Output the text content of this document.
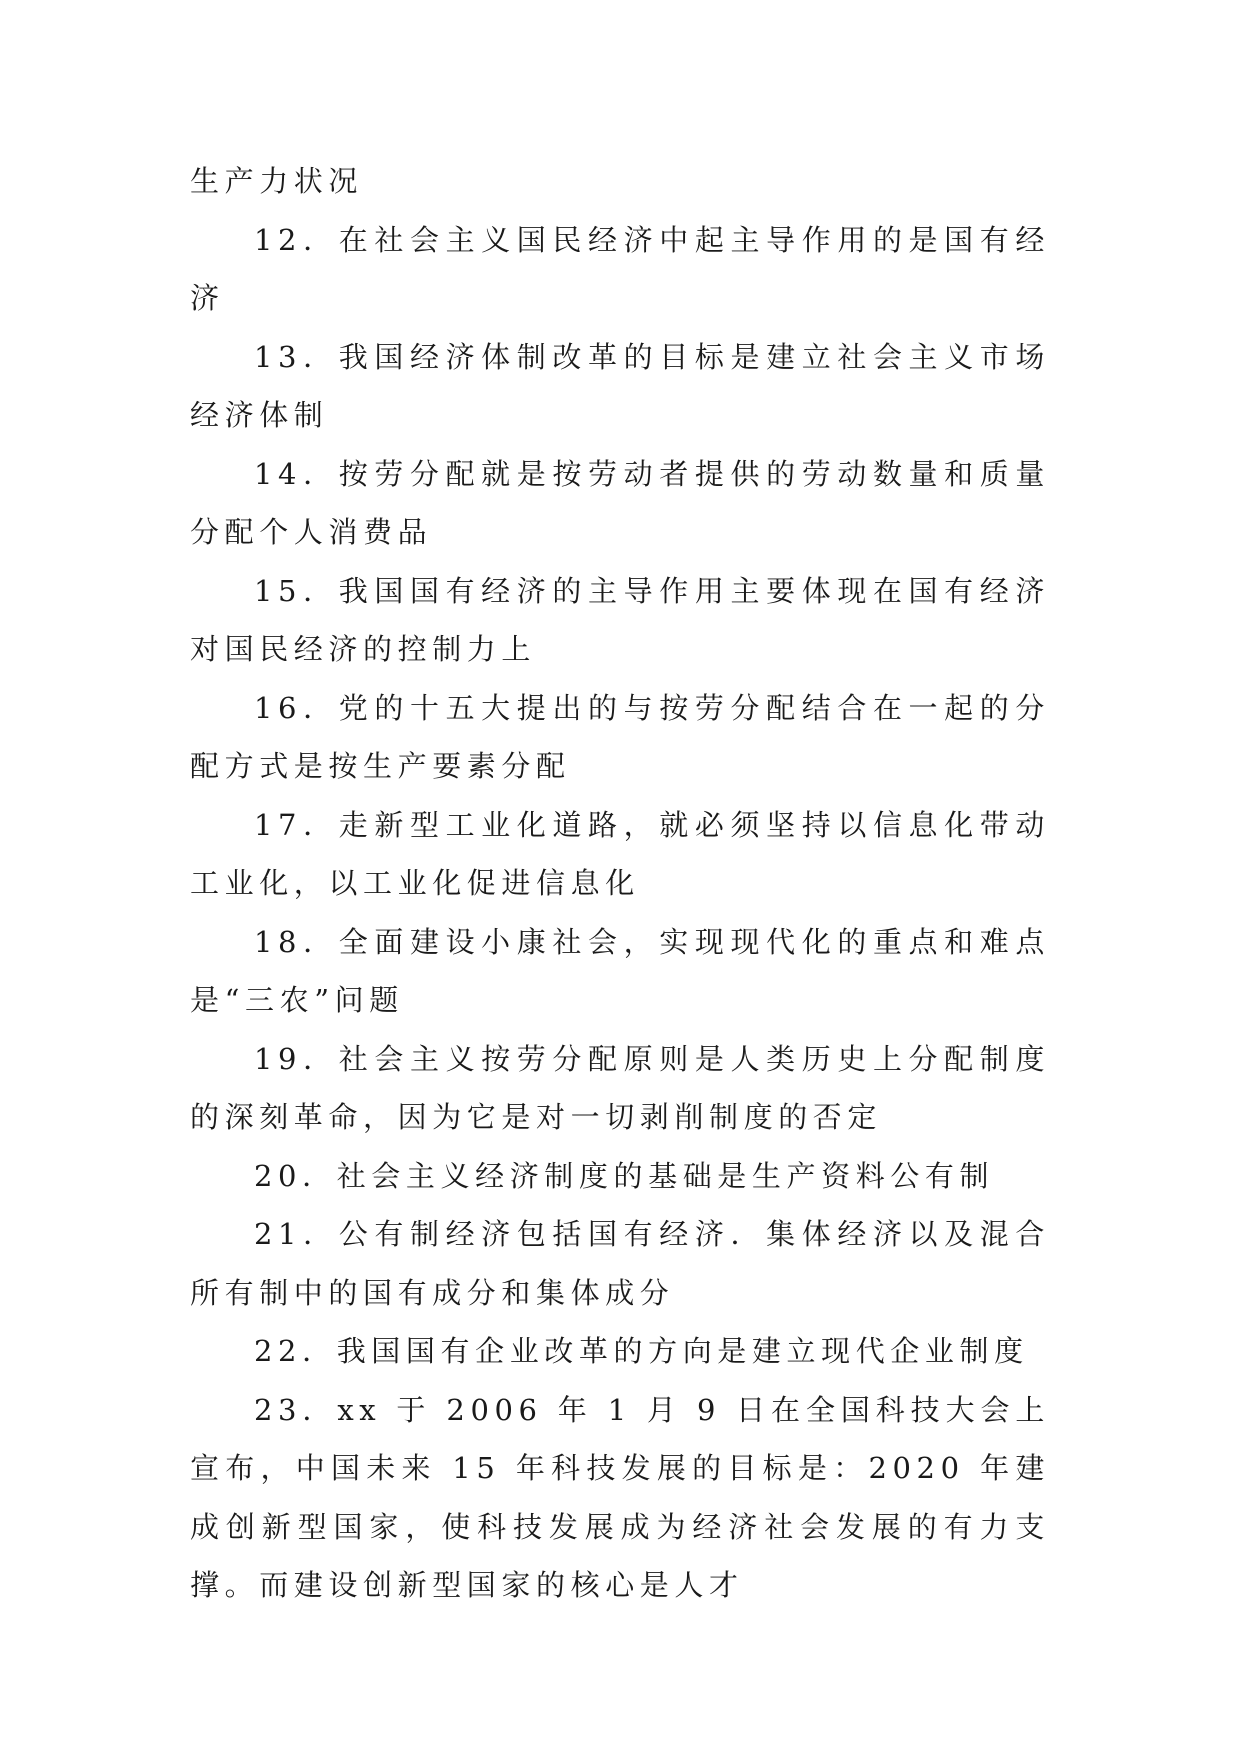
生产力状况

12．在社会主义国民经济中起主导作用的是国有经济

13．我国经济体制改革的目标是建立社会主义市场经济体制

14．按劳分配就是按劳动者提供的劳动数量和质量分配个人消费品

15．我国国有经济的主导作用主要体现在国有经济对国民经济的控制力上

16．党的十五大提出的与按劳分配结合在一起的分配方式是按生产要素分配

17．走新型工业化道路，就必须坚持以信息化带动工业化，以工业化促进信息化

18．全面建设小康社会，实现现代化的重点和难点是“三农”问题

19．社会主义按劳分配原则是人类历史上分配制度的深刻革命，因为它是对一切剥削制度的否定

20．社会主义经济制度的基础是生产资料公有制

21．公有制经济包括国有经济．集体经济以及混合所有制中的国有成分和集体成分

22．我国国有企业改革的方向是建立现代企业制度

23．xx 于 2006 年 1 月 9 日在全国科技大会上宣布，中国未来 15 年科技发展的目标是：2020 年建成创新型国家，使科技发展成为经济社会发展的有力支撑。而建设创新型国家的核心是人才
